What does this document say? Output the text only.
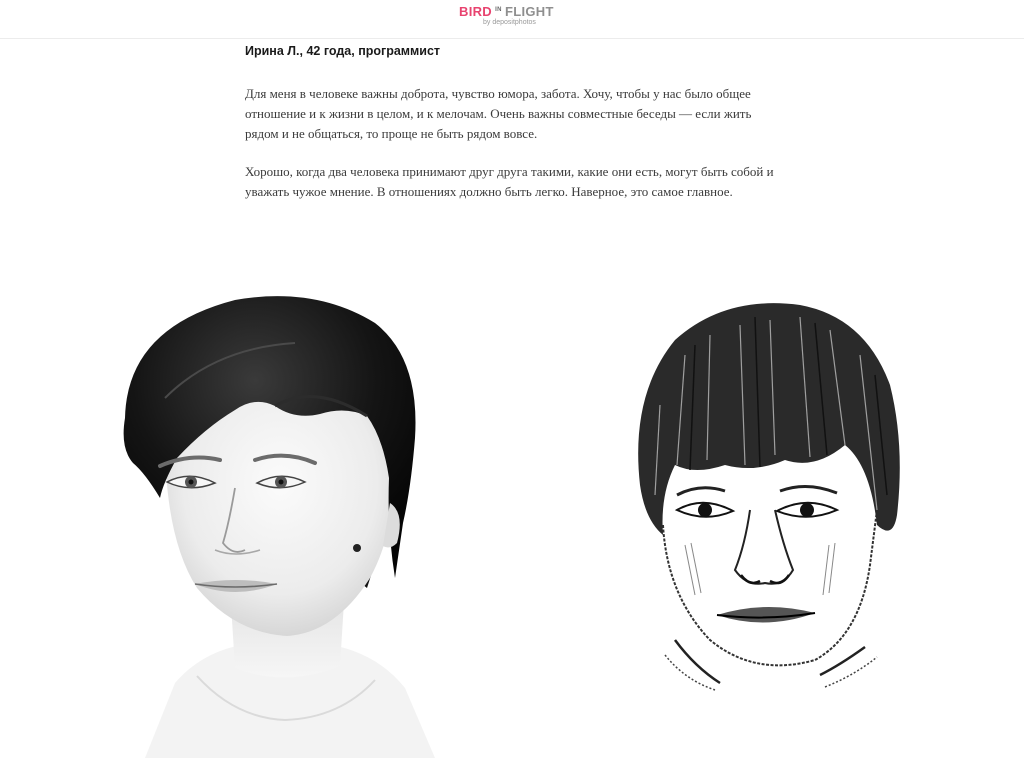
BIRD IN FLIGHT
by depositphotos

Ирина Л., 42 года, программист

Для меня в человеке важны доброта, чувство юмора, забота. Хочу, чтобы у нас было общее отношение и к жизни в целом, и к мелочам. Очень важны совместные беседы — если жить рядом и не общаться, то проще не быть рядом вовсе.

Хорошо, когда два человека принимают друг друга такими, какие они есть, могут быть собой и уважать чужое мнение. В отношениях должно быть легко. Наверное, это самое главное.
